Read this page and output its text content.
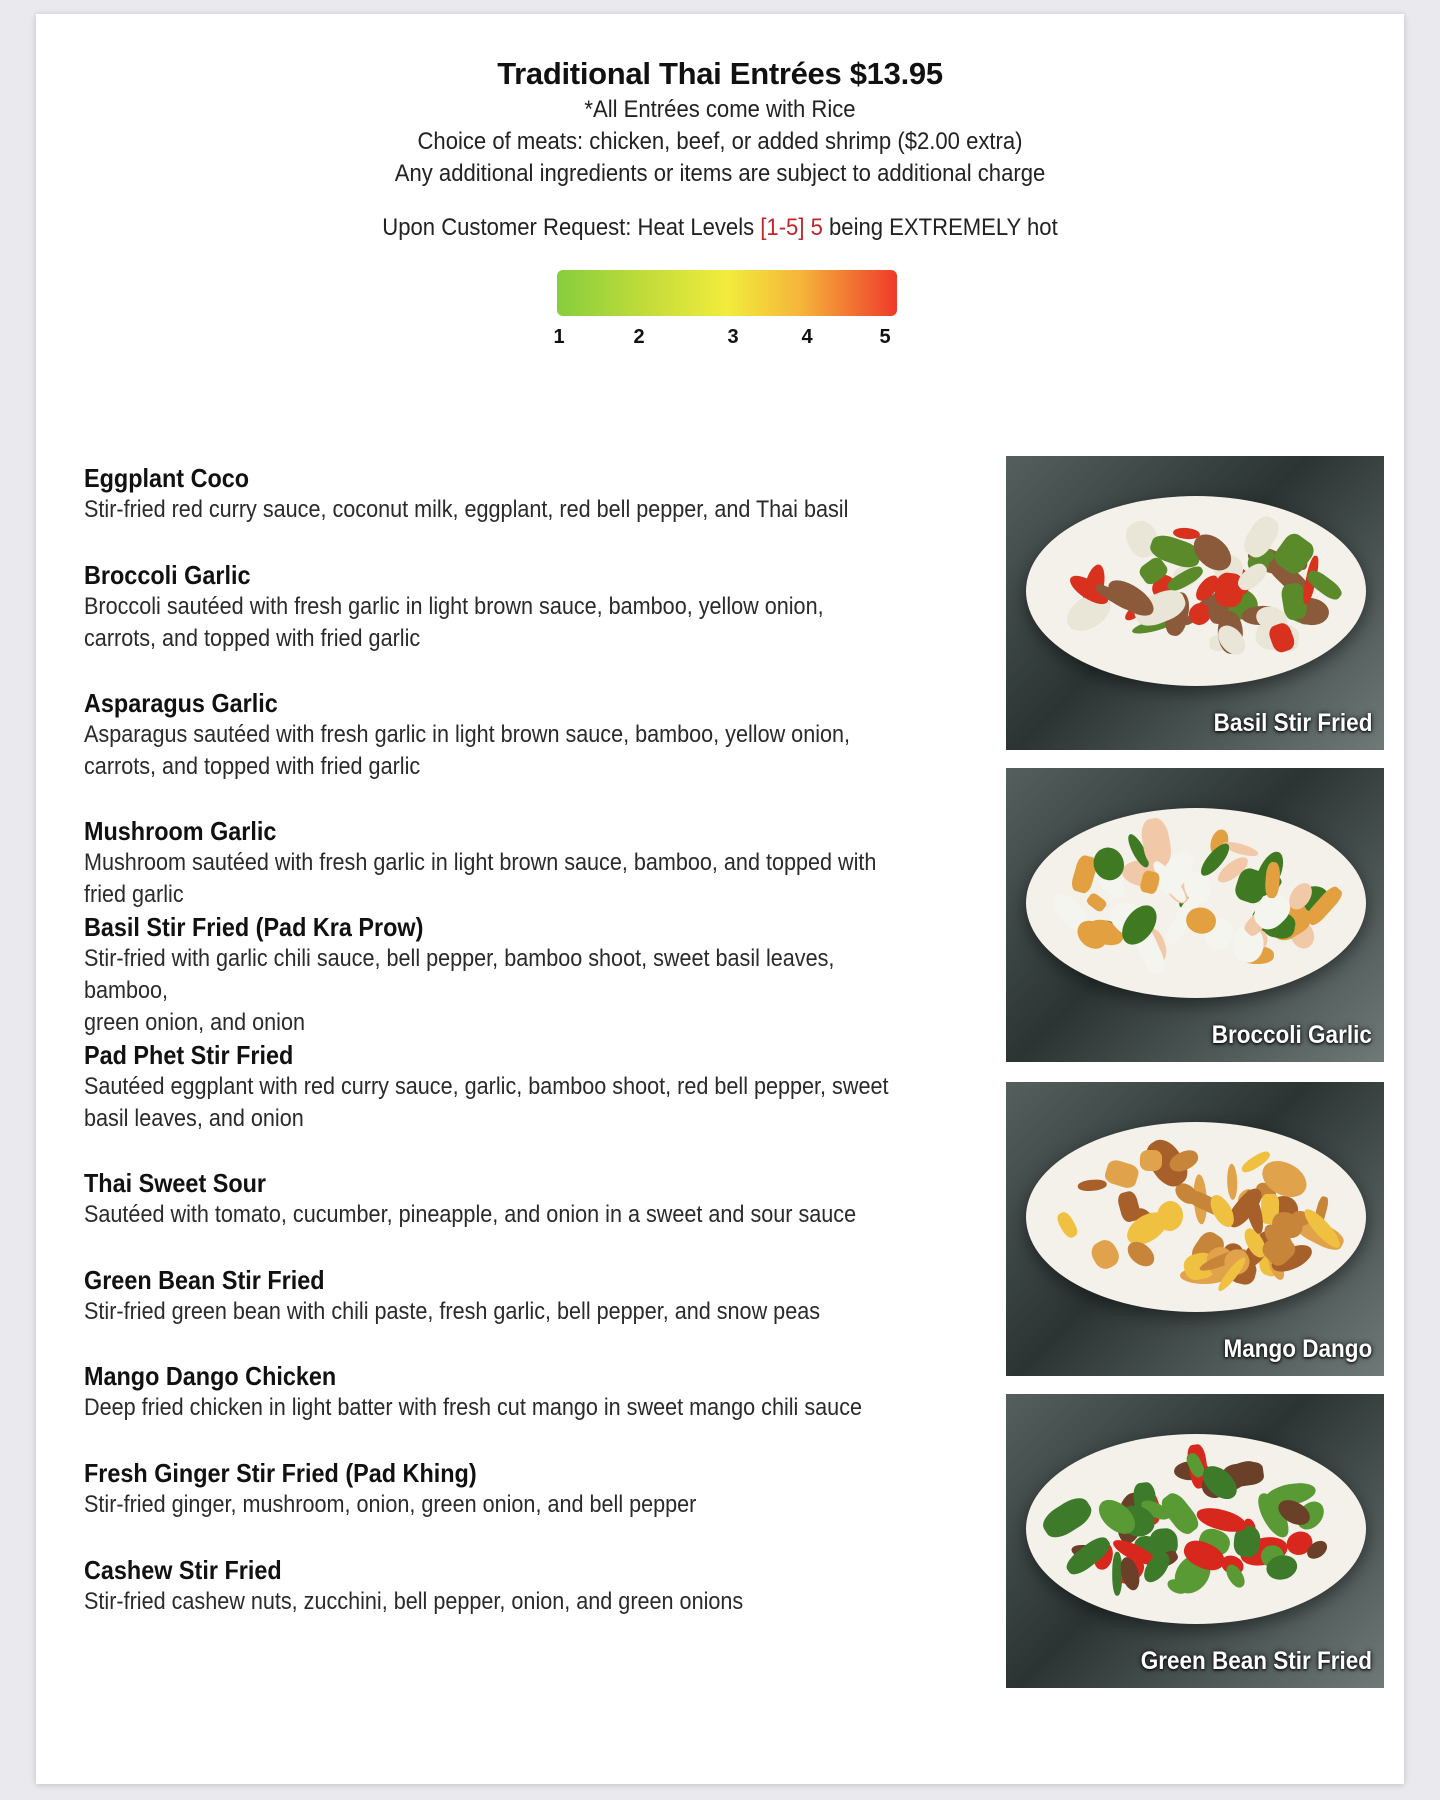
Traditional Thai Entrées $13.95
*All Entrées come with Rice
Choice of meats: chicken, beef, or added shrimp ($2.00 extra)
Any additional ingredients or items are subject to additional charge
Upon Customer Request: Heat Levels [1-5] 5 being EXTREMELY hot
1	2	3	4	5
Eggplant Coco
Stir-fried red curry sauce, coconut milk, eggplant, red bell pepper, and Thai basil
Broccoli Garlic
Broccoli sautéed with fresh garlic in light brown sauce, bamboo, yellow onion,
carrots, and topped with fried garlic
Asparagus Garlic
Asparagus sautéed with fresh garlic in light brown sauce, bamboo, yellow onion,
carrots, and topped with fried garlic
Mushroom Garlic
Mushroom sautéed with fresh garlic in light brown sauce, bamboo, and topped with fried garlic
Basil Stir Fried (Pad Kra Prow)
Stir-fried with garlic chili sauce, bell pepper, bamboo shoot, sweet basil leaves, bamboo,
green onion, and onion
Pad Phet Stir Fried
Sautéed eggplant with red curry sauce, garlic, bamboo shoot, red bell pepper, sweet
basil leaves, and onion
Thai Sweet Sour
Sautéed with tomato, cucumber, pineapple, and onion in a sweet and sour sauce
Green Bean Stir Fried
Stir-fried green bean with chili paste, fresh garlic, bell pepper, and snow peas
Mango Dango Chicken
Deep fried chicken in light batter with fresh cut mango in sweet mango chili sauce
Fresh Ginger Stir Fried (Pad Khing)
Stir-fried ginger, mushroom, onion, green onion, and bell pepper
Cashew Stir Fried
Stir-fried cashew nuts, zucchini, bell pepper, onion, and green onions
Basil Stir Fried
Broccoli Garlic
Mango Dango
Green Bean Stir Fried
